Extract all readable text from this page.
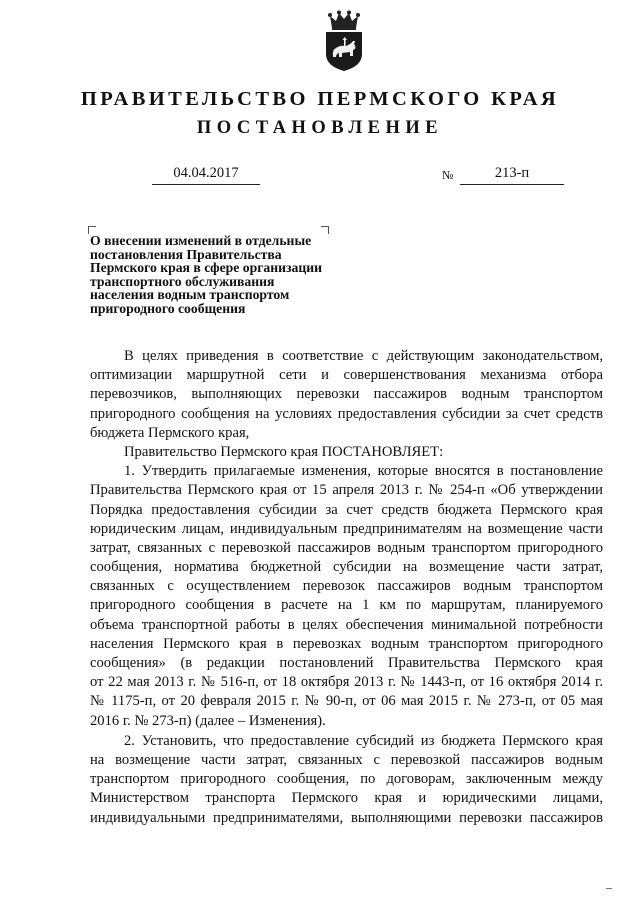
ПРАВИТЕЛЬСТВО ПЕРМСКОГО КРАЯ
ПОСТАНОВЛЕНИЕ
04.04.2017	№	213-п
О внесении изменений в отдельные
постановления Правительства
Пермского края в сфере организации
транспортного обслуживания
населения водным транспортом
пригородного сообщения
В целях приведения в соответствие с действующим законодательством,
оптимизации маршрутной сети и совершенствования механизма отбора
перевозчиков, выполняющих перевозки пассажиров водным транспортом
пригородного сообщения на условиях предоставления субсидии за счет средств
бюджета Пермского края,
Правительство Пермского края ПОСТАНОВЛЯЕТ:
1. Утвердить прилагаемые изменения, которые вносятся в постановление
Правительства Пермского края от 15 апреля 2013 г. № 254-п «Об утверждении
Порядка предоставления субсидии за счет средств бюджета Пермского края
юридическим лицам, индивидуальным предпринимателям на возмещение части
затрат, связанных с перевозкой пассажиров водным транспортом пригородного
сообщения, норматива бюджетной субсидии на возмещение части затрат,
связанных с осуществлением перевозок пассажиров водным транспортом
пригородного сообщения в расчете на 1 км по маршрутам, планируемого
объема транспортной работы в целях обеспечения минимальной потребности
населения Пермского края в перевозках водным транспортом пригородного
сообщения» (в редакции постановлений Правительства Пермского края
от 22 мая 2013 г. № 516-п, от 18 октября 2013 г. № 1443-п, от 16 октября 2014 г.
№ 1175-п, от 20 февраля 2015 г. № 90-п, от 06 мая 2015 г. № 273-п, от 05 мая
2016 г. № 273-п) (далее – Изменения).
2. Установить, что предоставление субсидий из бюджета Пермского края
на возмещение части затрат, связанных с перевозкой пассажиров водным
транспортом пригородного сообщения, по договорам, заключенным между
Министерством транспорта Пермского края и юридическими лицами,
индивидуальными предпринимателями, выполняющими перевозки пассажиров
